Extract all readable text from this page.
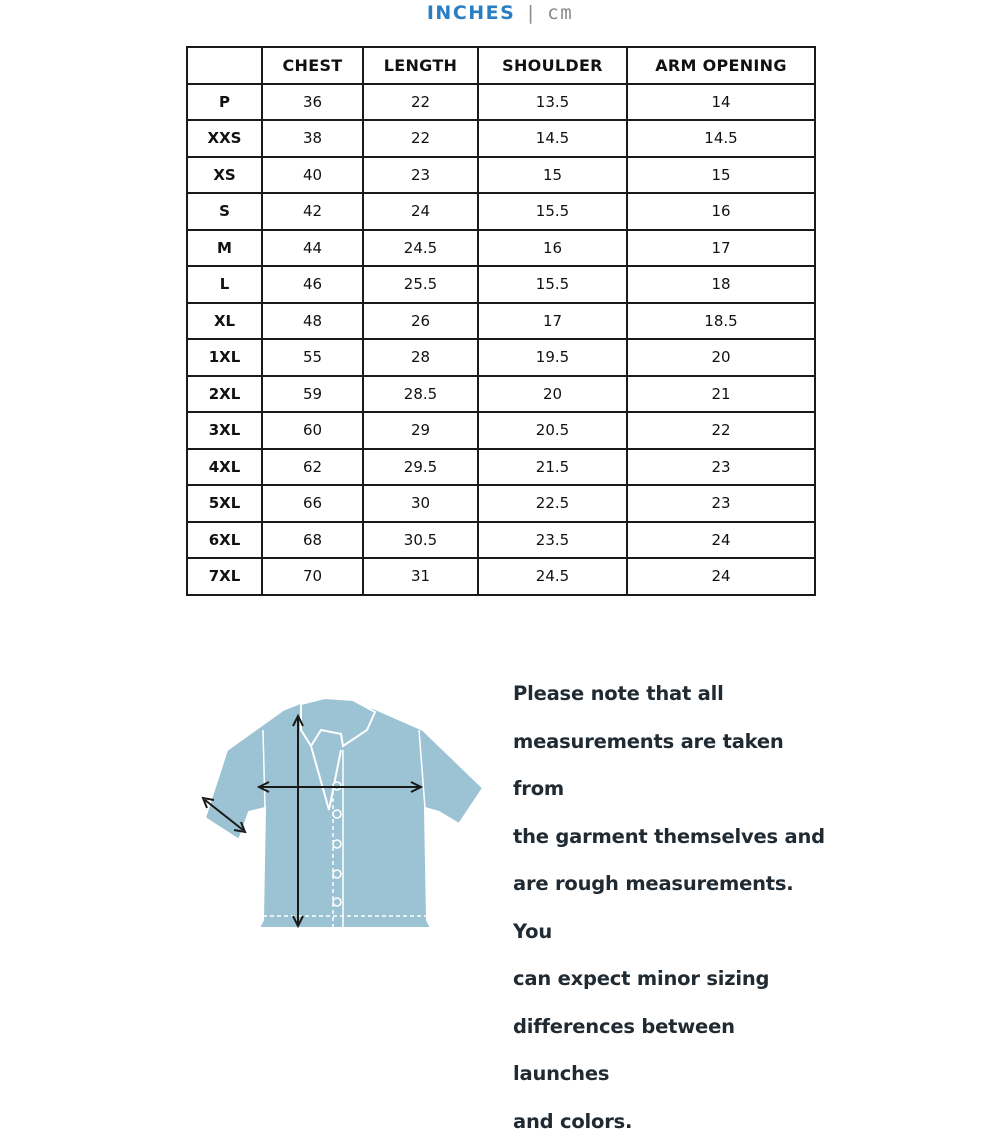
INCHES | cm
	CHEST	LENGTH	SHOULDER	ARM OPENING
P	36	22	13.5	14
XXS	38	22	14.5	14.5
XS	40	23	15	15
S	42	24	15.5	16
M	44	24.5	16	17
L	46	25.5	15.5	18
XL	48	26	17	18.5
1XL	55	28	19.5	20
2XL	59	28.5	20	21
3XL	60	29	20.5	22
4XL	62	29.5	21.5	23
5XL	66	30	22.5	23
6XL	68	30.5	23.5	24
7XL	70	31	24.5	24
Please note that all
measurements are taken from
the garment themselves and
are rough measurements. You
can expect minor sizing
differences between launches
and colors.
